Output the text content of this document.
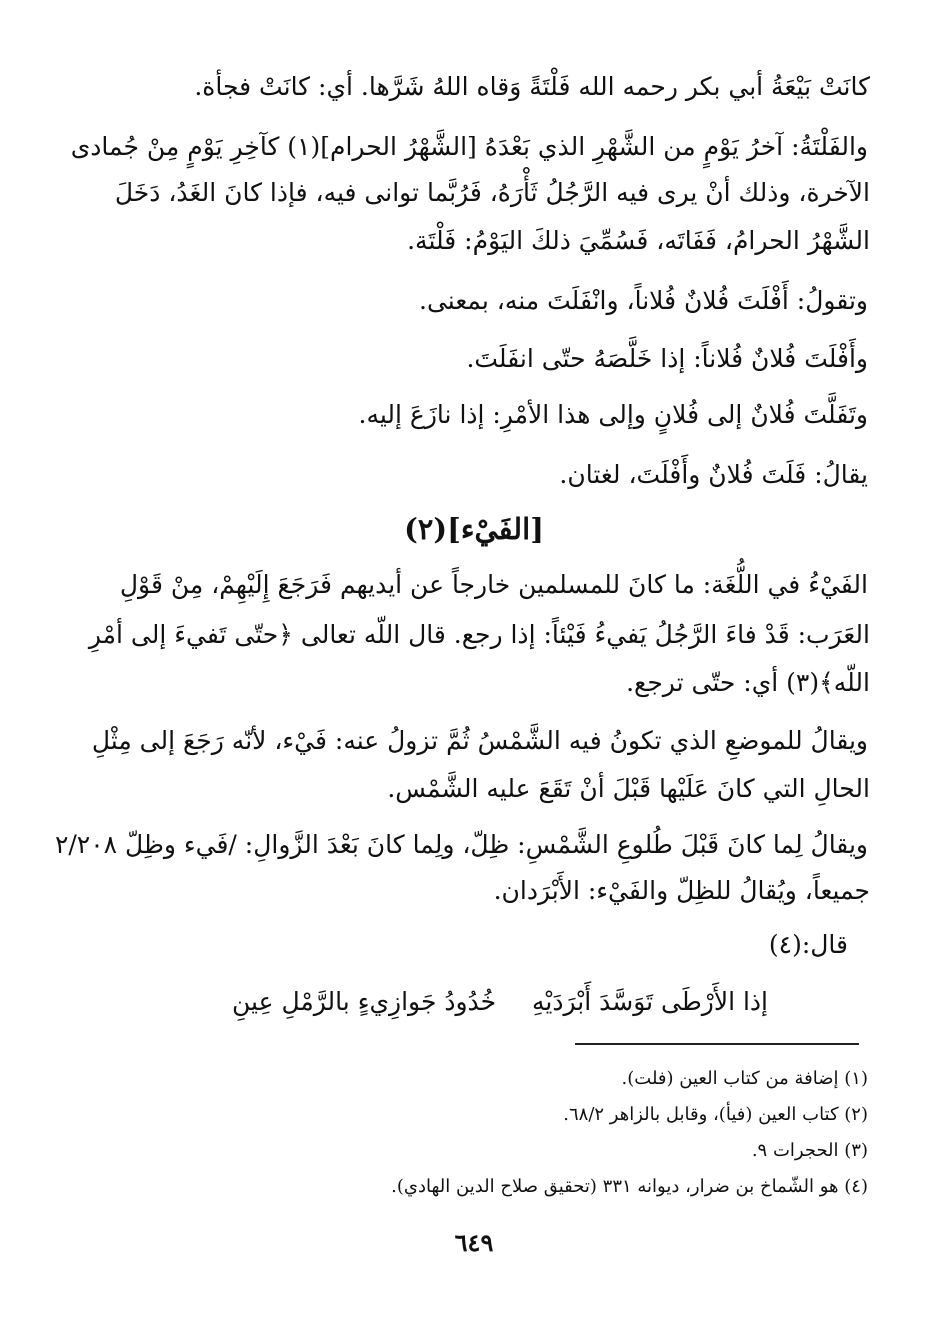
كانَتْ بَيْعَةُ أبي بكر رحمه الله فَلْتَةً وَقاه اللهُ شَرَّها. أي: كانَتْ فجأة.
والفَلْتَةُ: آخرُ يَوْمٍ من الشَّهْرِ الذي بَعْدَهُ [الشَّهْرُ الحرام](١) كآخِرِ يَوْمٍ مِنْ جُمادى
الآخرة، وذلك أنْ يرى فيه الرَّجُلُ ثَأْرَهُ، فَرُبَّما توانى فيه، فإذا كانَ الغَدُ، دَخَلَ
الشَّهْرُ الحرامُ، فَفَاتَه، فَسُمِّيَ ذلكَ اليَوْمُ: فَلْتَة.
وتقولُ: أَفْلَتَ فُلانٌ فُلاناً، وانْفَلَتَ منه، بمعنى.
وأَفْلَتَ فُلانٌ فُلاناً: إذا خَلَّصَهُ حتّى انفَلَتَ.
وتَفَلَّتَ فُلانٌ إلى فُلانٍ وإلى هذا الأمْرِ: إذا نازَعَ إليه.
يقالُ: فَلَتَ فُلانٌ وأَفْلَتَ، لغتان.
[الفَيْء](٢)
الفَيْءُ في اللُّغَة: ما كانَ للمسلمين خارجاً عن أيديهم فَرَجَعَ إِلَيْهِمْ، مِنْ قَوْلِ
العَرَب: قَدْ فاءَ الرَّجُلُ يَفيءُ فَيْئاً: إذا رجع. قال اللّه تعالى ﴿حتّى تَفيءَ إلى أمْرِ
اللّه﴾(٣) أي: حتّى ترجع.
ويقالُ للموضعِ الذي تكونُ فيه الشَّمْسُ ثُمَّ تزولُ عنه: فَيْء، لأنّه رَجَعَ إلى مِثْلِ
الحالِ التي كانَ عَلَيْها قَبْلَ أنْ تَقَعَ عليه الشَّمْس.
ويقالُ لِما كانَ قَبْلَ طُلوعِ الشَّمْسِ: ظِلّ، ولِما كانَ بَعْدَ الزَّوالِ: /فَيء وظِلّ ٢/٢٠٨
جميعاً، ويُقالُ للظِلّ والفَيْء: الأَبْرَدان.
قال:(٤)
إذا الأَرْطَى تَوَسَّدَ أَبْرَدَيْهِ
خُدُودُ جَوازِيءٍ بالرَّمْلِ عِينِ
(١) إضافة من كتاب العين (فلت).
(٢) كتاب العين (فيأ)، وقابل بالزاهر ٦٨/٢.
(٣) الحجرات ٩.
(٤) هو الشّماخ بن ضرار، ديوانه ٣٣١ (تحقيق صلاح الدين الهادي).
٦٤٩
